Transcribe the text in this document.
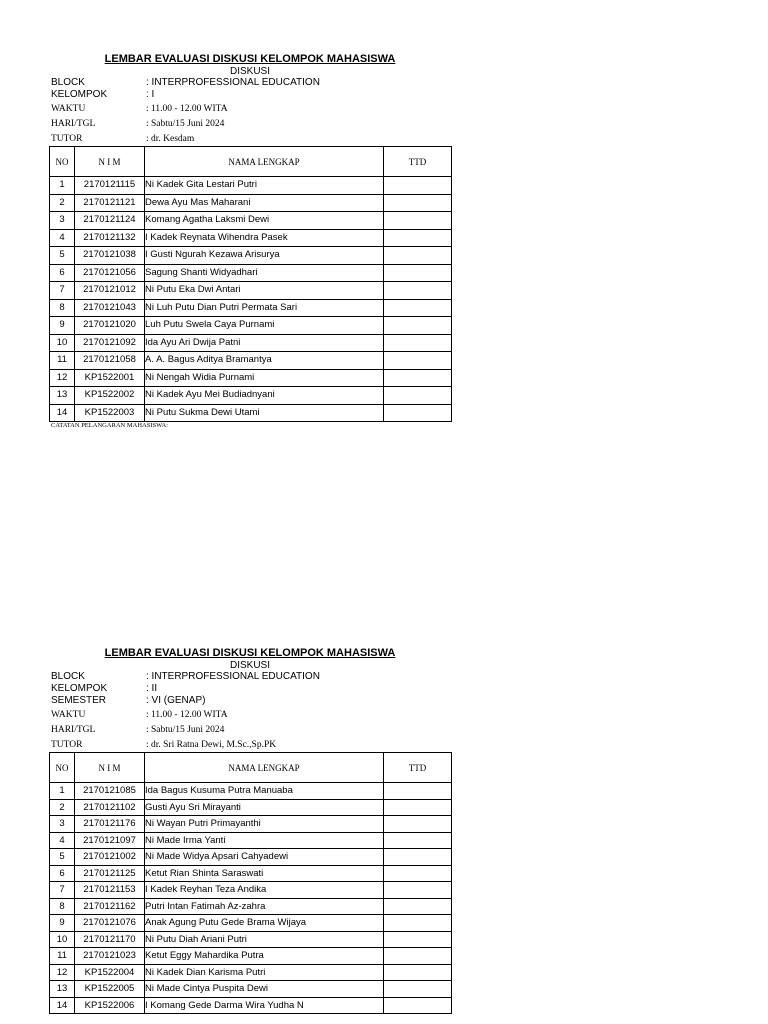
LEMBAR EVALUASI DISKUSI KELOMPOK MAHASISWA
DISKUSI
BLOCK	: INTERPROFESSIONAL EDUCATION
KELOMPOK	: I
WAKTU	: 11.00 - 12.00 WITA
HARI/TGL	: Sabtu/15 Juni 2024
TUTOR	: dr. Kesdam
NO	N I M	NAMA LENGKAP	TTD
1	2170121115	Ni Kadek Gita Lestari Putri	
2	2170121121	Dewa Ayu Mas Maharani	
3	2170121124	Komang Agatha Laksmi Dewi	
4	2170121132	I Kadek Reynata Wihendra Pasek	
5	2170121038	I Gusti Ngurah Kezawa Arisurya	
6	2170121056	Sagung Shanti Widyadhari	
7	2170121012	Ni Putu Eka Dwi Antari	
8	2170121043	Ni Luh Putu Dian Putri Permata Sari	
9	2170121020	Luh Putu Swela Caya Purnami	
10	2170121092	Ida Ayu Ari Dwija Patni	
11	2170121058	A. A. Bagus Aditya Bramantya	
12	KP1522001	Ni Nengah Widia Purnami	
13	KP1522002	Ni Kadek Ayu Mei Budiadnyani	
14	KP1522003	Ni Putu Sukma Dewi Utami	
CATATAN PELANGARAN MAHASISWA:
LEMBAR EVALUASI DISKUSI KELOMPOK MAHASISWA
DISKUSI
BLOCK	: INTERPROFESSIONAL EDUCATION
KELOMPOK	: II
SEMESTER	: VI (GENAP)
WAKTU	: 11.00 - 12.00 WITA
HARI/TGL	: Sabtu/15 Juni 2024
TUTOR	: dr. Sri Ratna Dewi, M.Sc.,Sp.PK
NO	N I M	NAMA LENGKAP	TTD
1	2170121085	Ida Bagus Kusuma Putra Manuaba	
2	2170121102	Gusti Ayu Sri Mirayanti	
3	2170121176	Ni Wayan Putri Primayanthi	
4	2170121097	Ni Made Irma Yanti	
5	2170121002	Ni Made Widya Apsari Cahyadewi	
6	2170121125	Ketut Rian Shinta Saraswati	
7	2170121153	I Kadek Reyhan Teza Andika	
8	2170121162	Putri Intan Fatimah Az-zahra	
9	2170121076	Anak Agung Putu Gede Brama Wijaya	
10	2170121170	Ni Putu Diah Ariani Putri	
11	2170121023	Ketut Eggy Mahardika Putra	
12	KP1522004	Ni Kadek Dian Karisma Putri	
13	KP1522005	Ni Made Cintya Puspita Dewi	
14	KP1522006	I Komang Gede Darma Wira Yudha N	
